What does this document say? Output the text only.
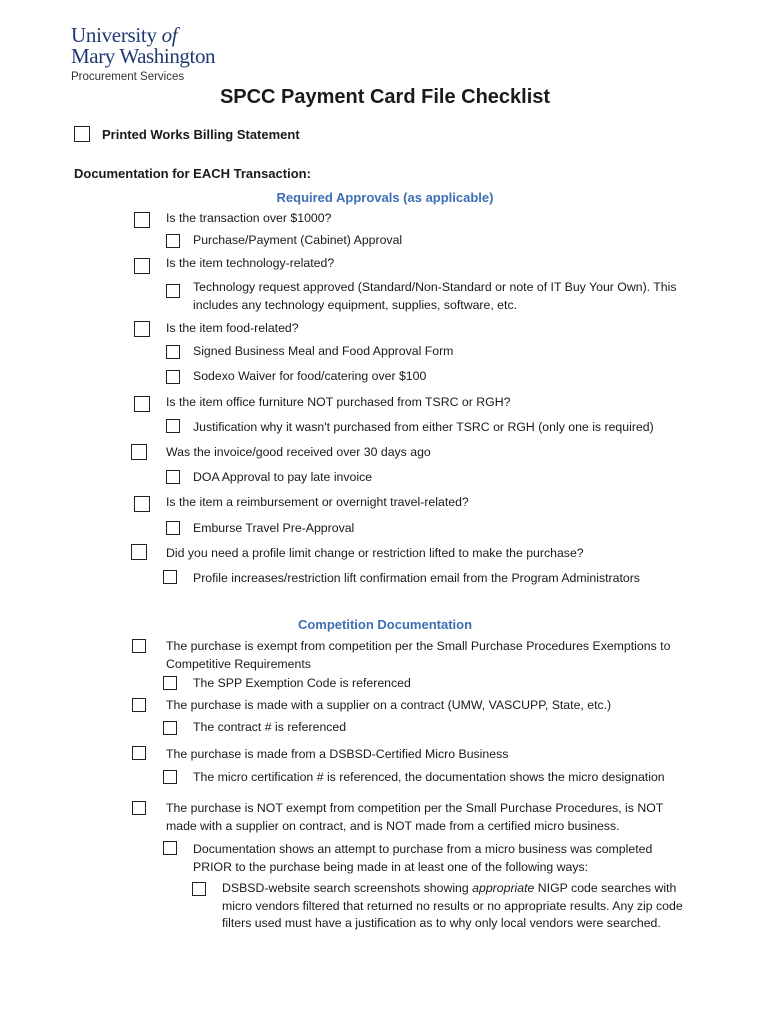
University of
Mary Washington
Procurement Services
SPCC Payment Card File Checklist
Printed Works Billing Statement
Documentation for EACH Transaction:
Required Approvals (as applicable)
Is the transaction over $1000?
Purchase/Payment (Cabinet) Approval
Is the item technology-related?
Technology request approved (Standard/Non-Standard or note of IT Buy Your Own). This includes any technology equipment, supplies, software, etc.
Is the item food-related?
Signed Business Meal and Food Approval Form
Sodexo Waiver for food/catering over $100
Is the item office furniture NOT purchased from TSRC or RGH?
Justification why it wasn't purchased from either TSRC or RGH (only one is required)
Was the invoice/good received over 30 days ago
DOA Approval to pay late invoice
Is the item a reimbursement or overnight travel-related?
Emburse Travel Pre-Approval
Did you need a profile limit change or restriction lifted to make the purchase?
Profile increases/restriction lift confirmation email from the Program Administrators
Competition Documentation
The purchase is exempt from competition per the Small Purchase Procedures Exemptions to Competitive Requirements
The SPP Exemption Code is referenced
The purchase is made with a supplier on a contract (UMW, VASCUPP, State, etc.)
The contract # is referenced
The purchase is made from a DSBSD-Certified Micro Business
The micro certification # is referenced, the documentation shows the micro designation
The purchase is NOT exempt from competition per the Small Purchase Procedures, is NOT made with a supplier on contract, and is NOT made from a certified micro business.
Documentation shows an attempt to purchase from a micro business was completed PRIOR to the purchase being made in at least one of the following ways:
DSBSD-website search screenshots showing appropriate NIGP code searches with micro vendors filtered that returned no results or no appropriate results. Any zip code filters used must have a justification as to why only local vendors were searched.
